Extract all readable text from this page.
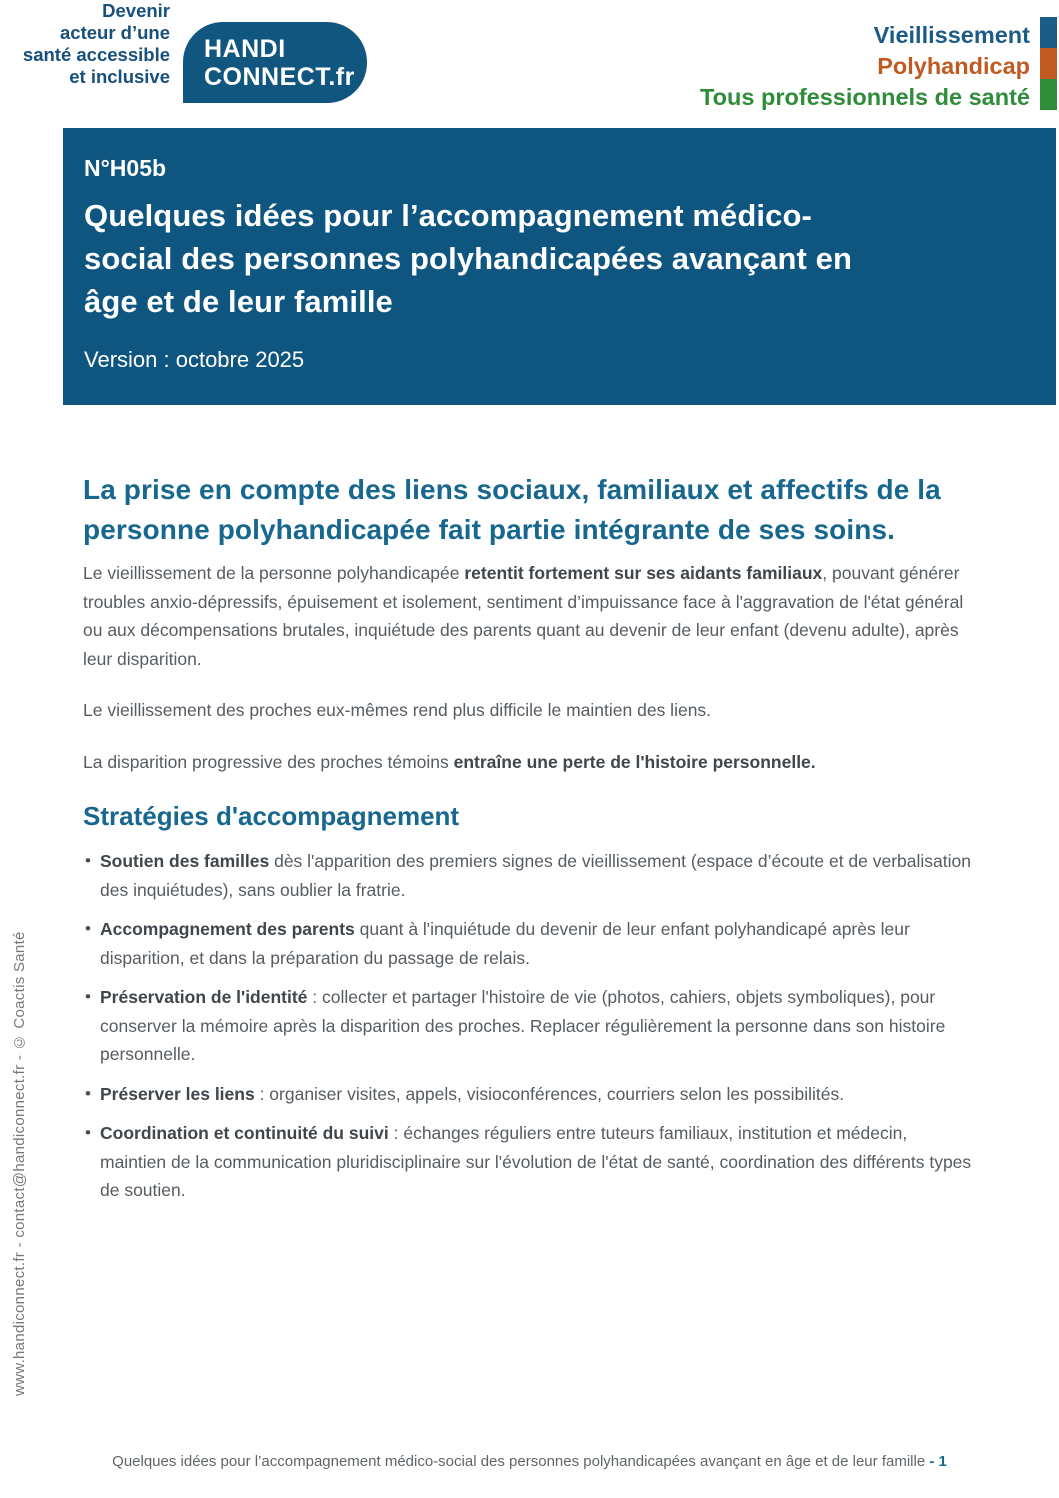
Devenir
acteur d’une
santé accessible
et inclusive
HANDI
CONNECT.fr
Vieillissement
Polyhandicap
Tous professionnels de santé
N°H05b
Quelques idées pour l’accompagnement médico-social des personnes polyhandicapées avançant en âge et de leur famille
Version : octobre 2025
La prise en compte des liens sociaux, familiaux et affectifs de la personne polyhandicapée fait partie intégrante de ses soins.

Le vieillissement de la personne polyhandicapée retentit fortement sur ses aidants familiaux, pouvant générer troubles anxio-dépressifs, épuisement et isolement, sentiment d’impuissance face à l'aggravation de l'état général ou aux décompensations brutales, inquiétude des parents quant au devenir de leur enfant (devenu adulte), après leur disparition.

Le vieillissement des proches eux-mêmes rend plus difficile le maintien des liens.

La disparition progressive des proches témoins entraîne une perte de l'histoire personnelle.

Stratégies d'accompagnement
• Soutien des familles dès l'apparition des premiers signes de vieillissement (espace d’écoute et de verbalisation des inquiétudes), sans oublier la fratrie.
• Accompagnement des parents quant à l'inquiétude du devenir de leur enfant polyhandicapé après leur disparition, et dans la préparation du passage de relais.
• Préservation de l'identité : collecter et partager l'histoire de vie (photos, cahiers, objets symboliques), pour conserver la mémoire après la disparition des proches. Replacer régulièrement la personne dans son histoire personnelle.
• Préserver les liens : organiser visites, appels, visioconférences, courriers selon les possibilités.
• Coordination et continuité du suivi : échanges réguliers entre tuteurs familiaux, institution et médecin, maintien de la communication pluridisciplinaire sur l'évolution de l'état de santé, coordination des différents types de soutien.
www.handiconnect.fr - contact@handiconnect.fr - © Coactis Santé
Quelques idées pour l’accompagnement médico-social des personnes polyhandicapées avançant en âge et de leur famille - 1
